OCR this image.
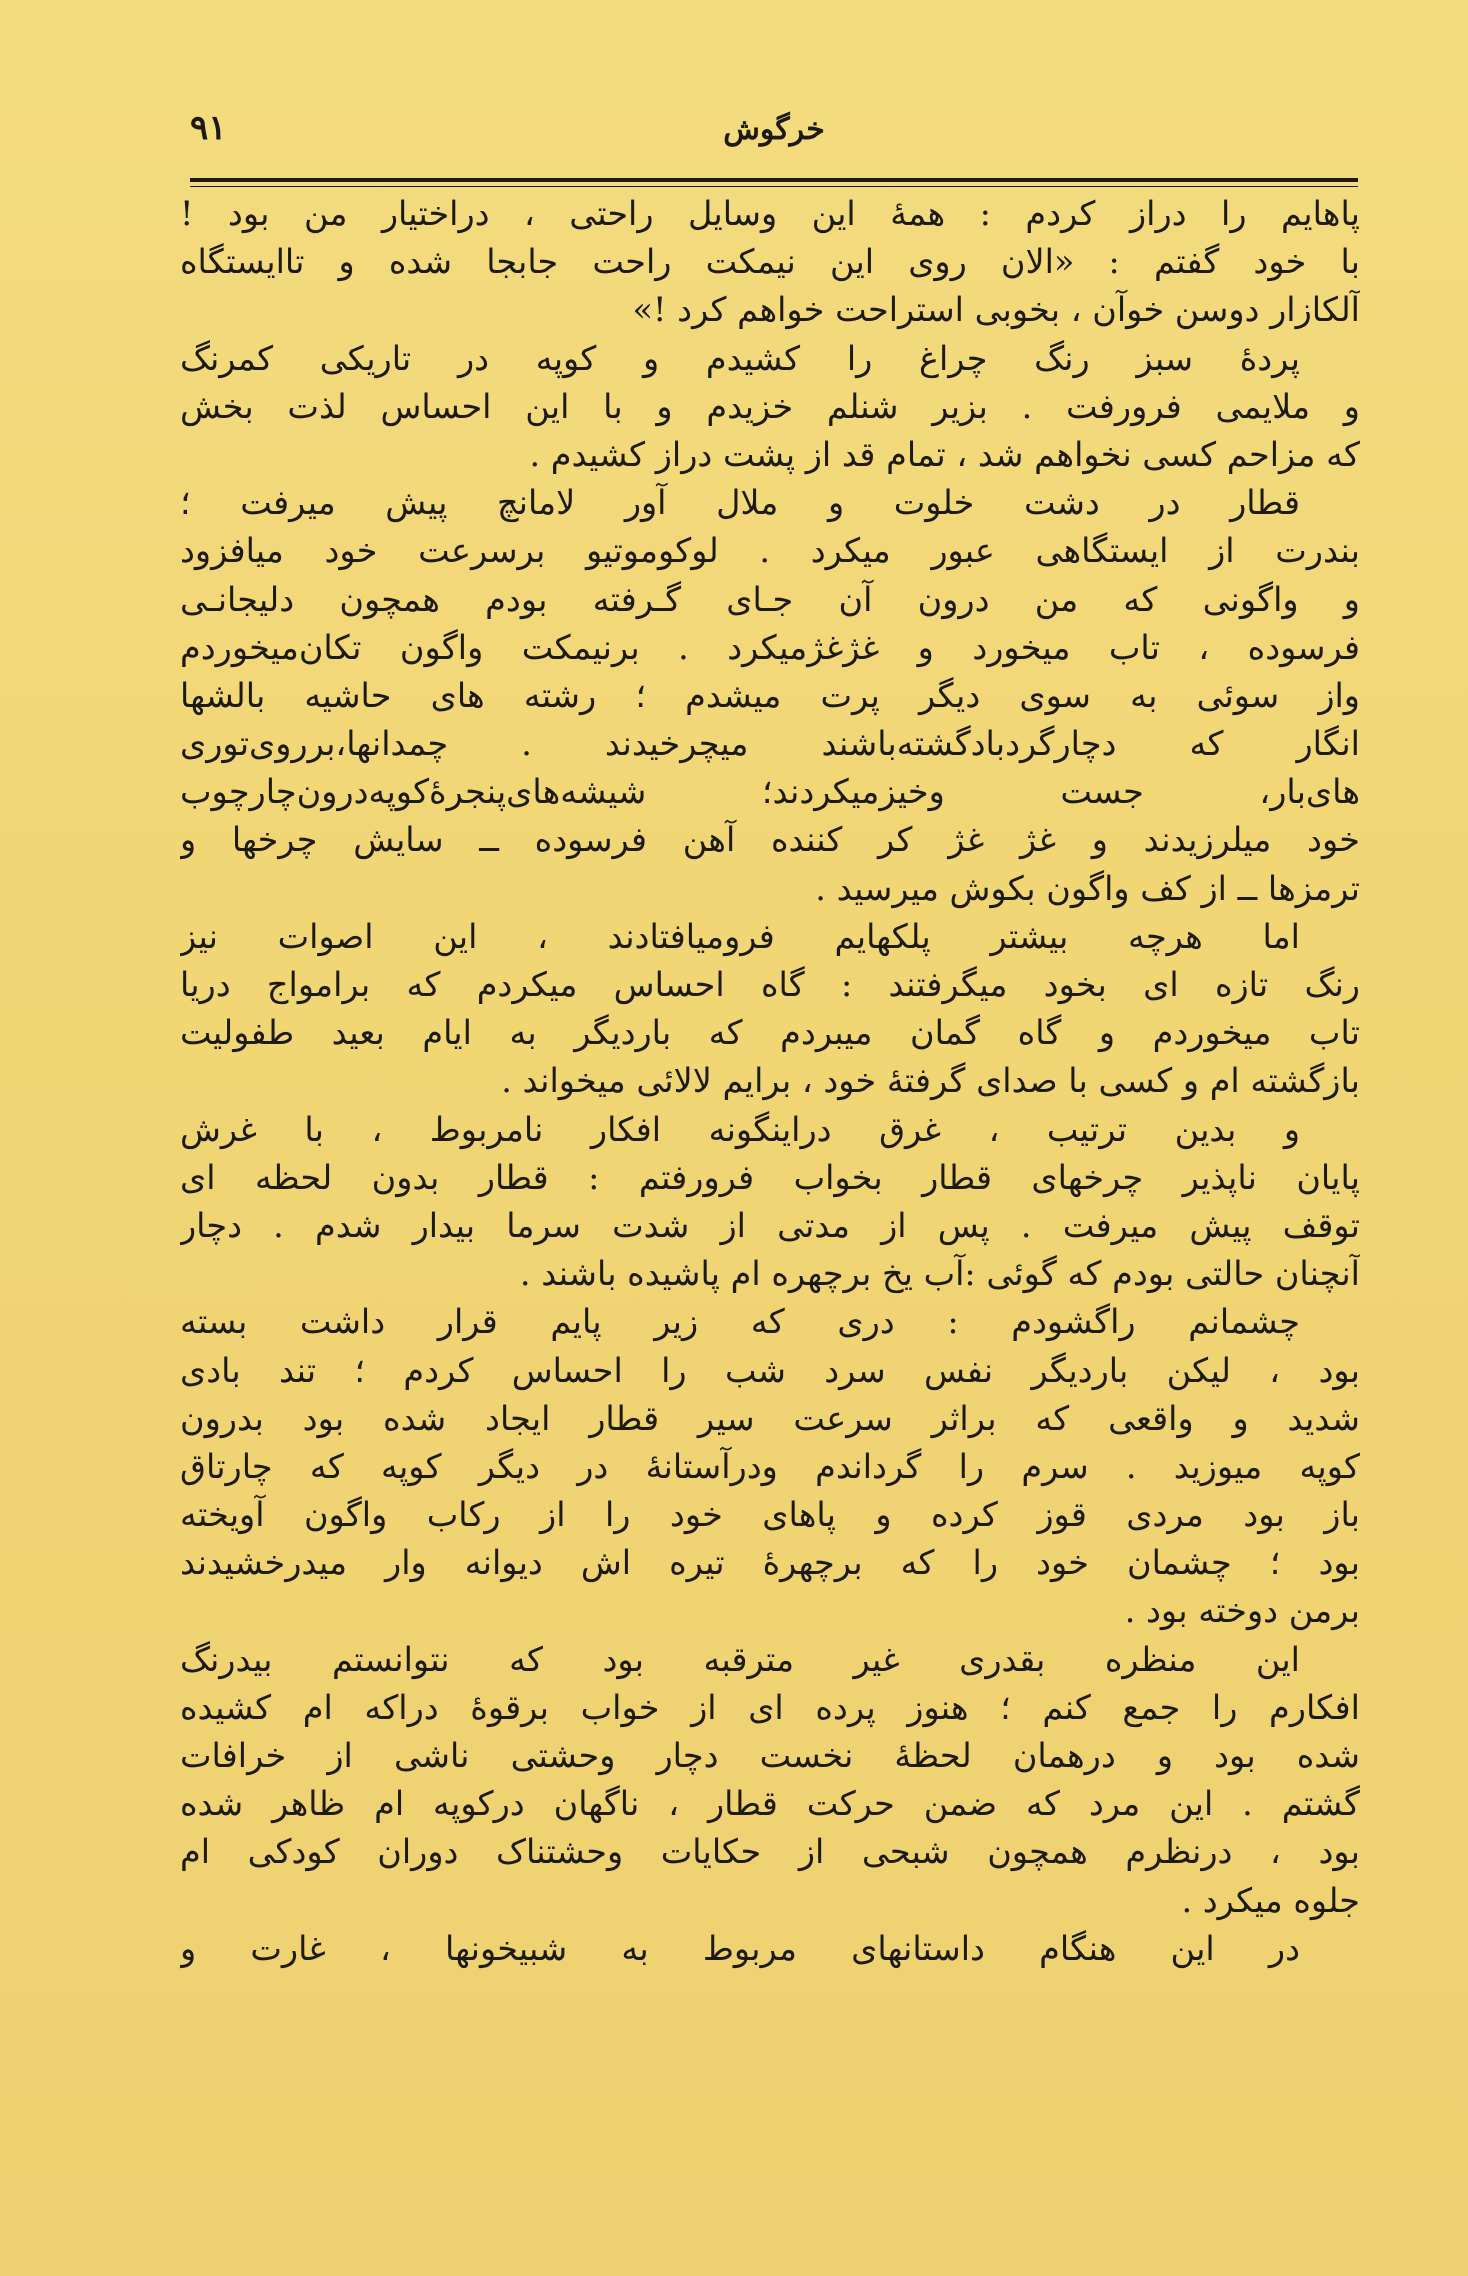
۹۱	خرگوش
پاهایم را دراز کردم : همهٔ این وسایل راحتی ، دراختیار من بود !
با خود گفتم : «الان روی این نیمکت راحت جابجا شده و تاایستگاه
آلکازار دوسن خوآن ، بخوبی استراحت خواهم کرد !»
پردهٔ سبز رنگ چراغ را کشیدم و کوپه در تاریکی کمرنگ
و ملایمی فرورفت . بزیر شنلم خزیدم و با این احساس لذت بخش
که مزاحم کسی نخواهم شد ، تمام قد از پشت دراز کشیدم .
قطار در دشت خلوت و ملال آور لامانچ پیش میرفت ؛
بندرت از ایستگاهی عبور میکرد . لوکوموتیو برسرعت خود میافزود
و واگونی که من درون آن جـای گـرفته بودم همچون دلیجانـی
فرسوده ، تاب میخورد و غژغژمیکرد . برنیمکت واگون تکان‌میخوردم
واز سوئی به سوی دیگر پرت میشدم ؛ رشته های حاشیه بالشها
انگار که دچارگردبادگشته‌باشند میچرخیدند . چمدانها،برروی‌توری
های‌بار، جست وخیزمیکردند؛ شیشه‌های‌پنجرهٔ‌کوپه‌درون‌چارچوب
خود میلرزیدند و غژ غژ کر کننده آهن فرسوده ــ سایش چرخها و
ترمزها ــ از کف واگون بکوش میرسید .
اما هرچه بیشتر پلکهایم فرومیافتادند ، این اصوات نیز
رنگ تازه ای بخود میگرفتند : گاه احساس میکردم که براموا‌ج دریا
تاب میخوردم و گاه گمان میبردم که باردیگر به ایام بعید طفولیت
بازگشته ام و کسی با صدای گرفتهٔ خود ، برایم لالائی میخواند .
و بدین ترتیب ، غرق دراینگونه افکار نامربوط ، با غرش
پایان ناپذیر چرخهای قطار بخواب فرورفتم : قطار بدون لحظه ای
توقف پیش میرفت . پس از مدتی از شدت سرما بیدار شدم . دچار
آنچنان حالتی بودم که گوئی :آب یخ برچهره ام پاشیده باشند .
چشمانم راگشودم : دری که زیر پایم قرار داشت بسته
بود ، لیکن باردیگر نفس سرد شب را احساس کردم ؛ تند بادی
شدید و واقعی که براثر سرعت سیر قطار ایجاد شده بود بدرون
کوپه میوزید . سرم را گرداندم ودرآستانهٔ در دیگر کوپه که چارتاق
باز بود مردی قوز کرده و پاهای خود را از رکاب واگون آویخته
بود ؛ چشمان خود را که برچهرهٔ تیره اش دیوانه وار میدرخشیدند
برمن دوخته بود .
این منظره بقدری غیر مترقبه بود که نتوانستم بیدرنگ
افکارم را جمع کنم ؛ هنوز پرده ای از خواب برقوهٔ دراکه ام کشیده
شده بود و درهمان لحظهٔ نخست دچار وحشتی ناشی از خرافات
گشتم . این مرد که ضمن حرکت قطار ، ناگهان درکوپه ام ظاهر شده
بود ، درنظرم همچون شبحی از حکایات وحشتناک دوران کودکی ام
جلوه میکرد .
در این هنگام داستانهای مربوط به شبیخونها ، غارت و
